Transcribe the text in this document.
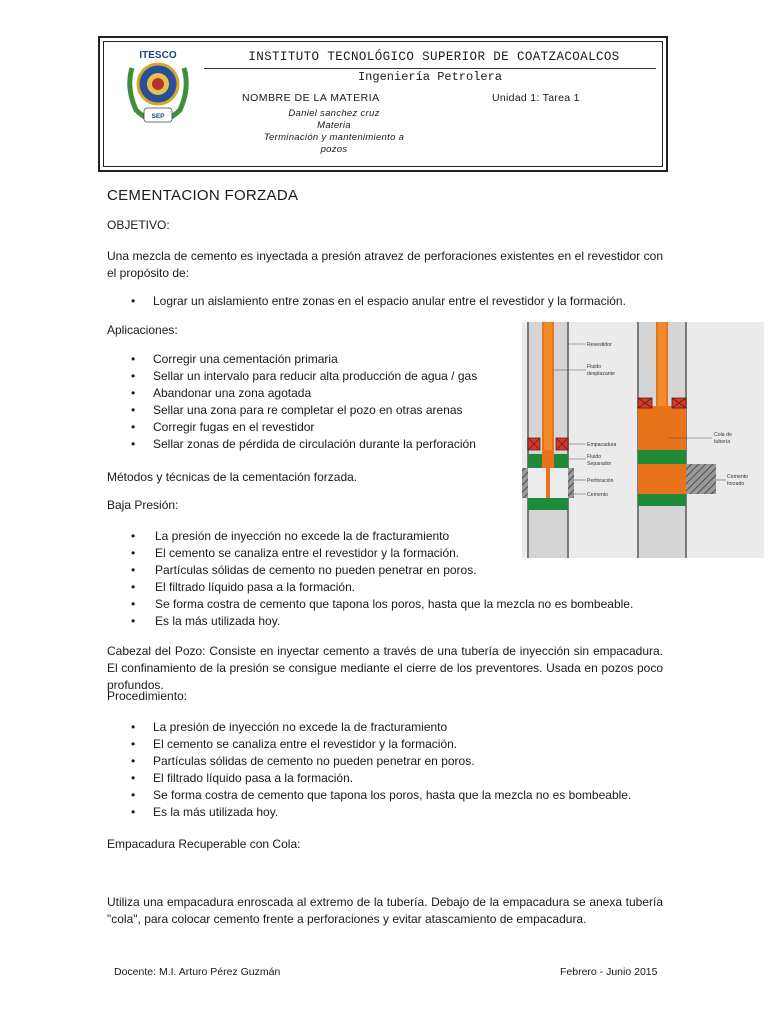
ITESCO
SEP
INSTITUTO TECNOLÓGICO SUPERIOR DE COATZACOALCOS
Ingeniería Petrolera
NOMBRE DE LA MATERIA	Unidad 1: Tarea 1
Daniel sanchez cruz
Materia
Terminación y mantenimiento a
pozos
CEMENTACION FORZADA
OBJETIVO:
Una mezcla de cemento es inyectada a presión atravez de perforaciones existentes en el revestidor con el propósito de:
• Lograr un aislamiento entre zonas en el espacio anular entre el revestidor y la formación.
Aplicaciones:
• Corregir una cementación primaria
• Sellar un intervalo para reducir alta producción de agua / gas
• Abandonar una zona agotada
• Sellar una zona para re completar el pozo en otras arenas
• Corregir fugas en el revestidor
• Sellar zonas de pérdida de circulación durante la perforación
Métodos y técnicas de la cementación forzada.
Baja Presión:
• La presión de inyección no excede la de fracturamiento
• El cemento se canaliza entre el revestidor y la formación.
• Partículas sólidas de cemento no pueden penetrar en poros.
• El filtrado líquido pasa a la formación.
• Se forma costra de cemento que tapona los poros, hasta que la mezcla no es bombeable.
• Es la más utilizada hoy.
Cabezal del Pozo: Consiste en inyectar cemento a través de una tubería de inyección sin empacadura. El confinamiento de la presión se consigue mediante el cierre de los preventores. Usada en pozos poco profundos.
Procedimiento:
• La presión de inyección no excede la de fracturamiento
• El cemento se canaliza entre el revestidor y la formación.
• Partículas sólidas de cemento no pueden penetrar en poros.
• El filtrado líquido pasa a la formación.
• Se forma costra de cemento que tapona los poros, hasta que la mezcla no es bombeable.
• Es la más utilizada hoy.
Empacadura Recuperable con Cola:
Utiliza una empacadura enroscada al extremo de la tubería. Debajo de la empacadura se anexa tubería "cola", para colocar cemento frente a perforaciones y evitar atascamiento de empacadura.
Revestidor
Fluido
desplazante
Empacadura
Fluido
Separador
Perforación
Cemento
Cola de
tubería
Cemento
forzado
Docente: M.I. Arturo Pérez Guzmán	Febrero - Junio 2015
